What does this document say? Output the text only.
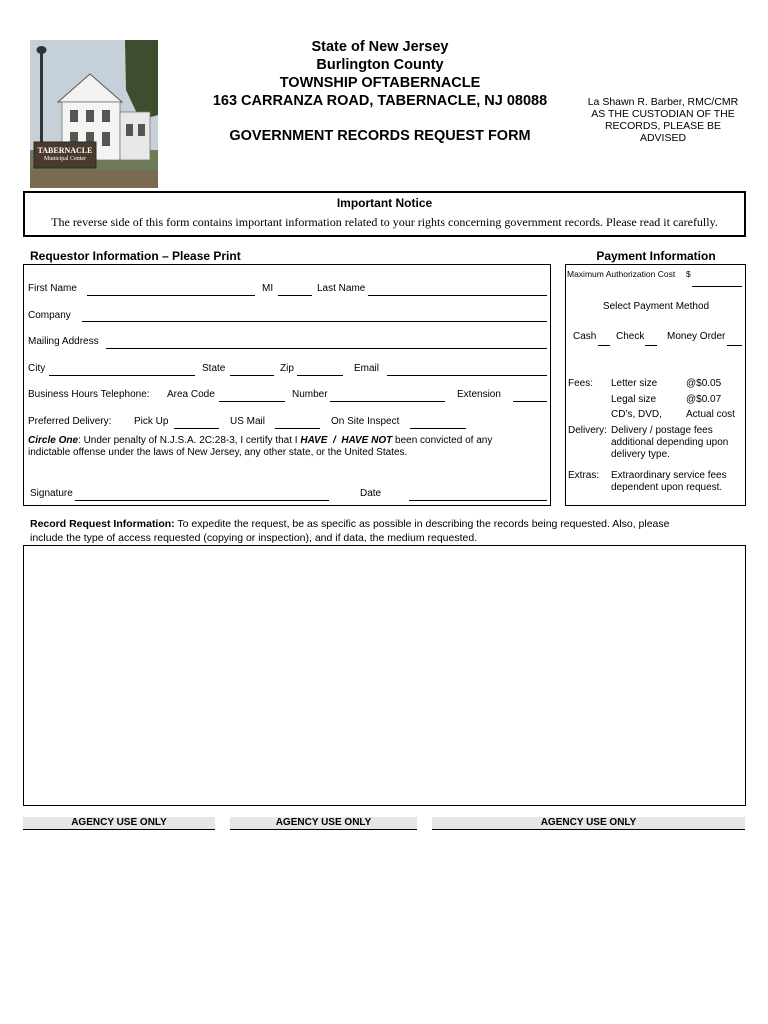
TABERNACLE
Municipal Center
State of New Jersey
Burlington County
TOWNSHIP OFTABERNACLE
163 CARRANZA ROAD, TABERNACLE, NJ 08088
GOVERNMENT RECORDS REQUEST FORM
La Shawn R. Barber, RMC/CMR
AS THE CUSTODIAN OF THE
RECORDS, PLEASE BE
ADVISED
Important Notice
The reverse side of this form contains important information related to your rights concerning government records. Please read it carefully.
Requestor Information – Please Print
First Name	MI	Last Name
Company
Mailing Address
City	State	Zip	Email
Business Hours Telephone: Area Code	Number	Extension
Preferred Delivery: Pick Up	US Mail	On Site Inspect
Circle One: Under penalty of N.J.S.A. 2C:28-3, I certify that I HAVE / HAVE NOT been convicted of any
indictable offense under the laws of New Jersey, any other state, or the United States.
Signature	Date
Payment Information
Maximum Authorization Cost $
Select Payment Method
Cash Check Money Order
Fees: Letter size	@$0.05
Legal size	@$0.07
CD’s, DVD, Actual cost
Delivery: Delivery / postage fees
additional depending upon
delivery type.
Extras: Extraordinary service fees
dependent upon request.
Record Request Information: To expedite the request, be as specific as possible in describing the records being requested. Also, please
include the type of access requested (copying or inspection), and if data, the medium requested.
AGENCY USE ONLY	AGENCY USE ONLY	AGENCY USE ONLY
